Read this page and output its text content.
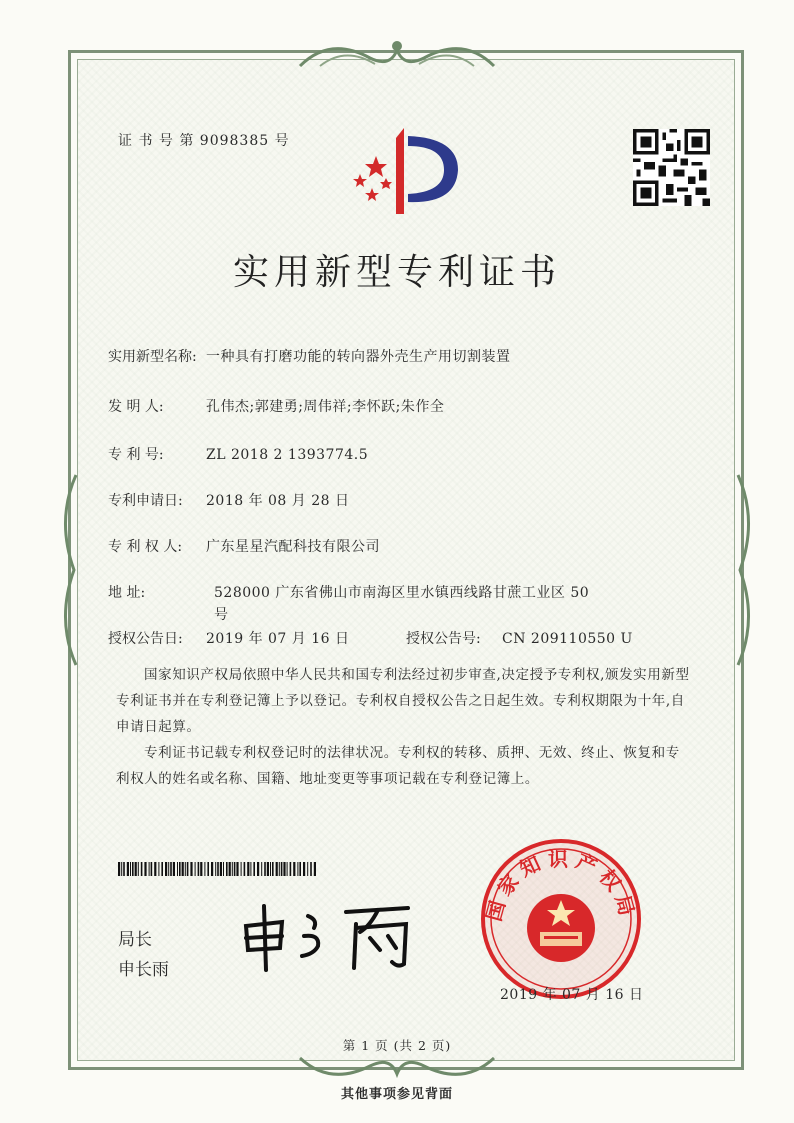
证 书 号 第 9098385 号
实用新型专利证书
实用新型名称: 一种具有打磨功能的转向器外壳生产用切割装置
发 明 人:	孔伟杰;郭建勇;周伟祥;李怀跃;朱作全
专 利 号:	ZL 2018 2 1393774.5
专利申请日: 2018 年 08 月 28 日
专 利 权 人: 广东星星汽配科技有限公司
地 址:	528000 广东省佛山市南海区里水镇西线路甘蔗工业区 50 号
授权公告日: 2019 年 07 月 16 日	授权公告号: CN 209110550 U
国家知识产权局依照中华人民共和国专利法经过初步审查,决定授予专利权,颁发实用新型专利证书并在专利登记簿上予以登记。专利权自授权公告之日起生效。专利权期限为十年,自申请日起算。
专利证书记载专利权登记时的法律状况。专利权的转移、质押、无效、终止、恢复和专利权人的姓名或名称、国籍、地址变更等事项记载在专利登记簿上。
局长
申长雨
国家知识产权局
2019 年 07 月 16 日
第 1 页 (共 2 页)
其他事项参见背面
